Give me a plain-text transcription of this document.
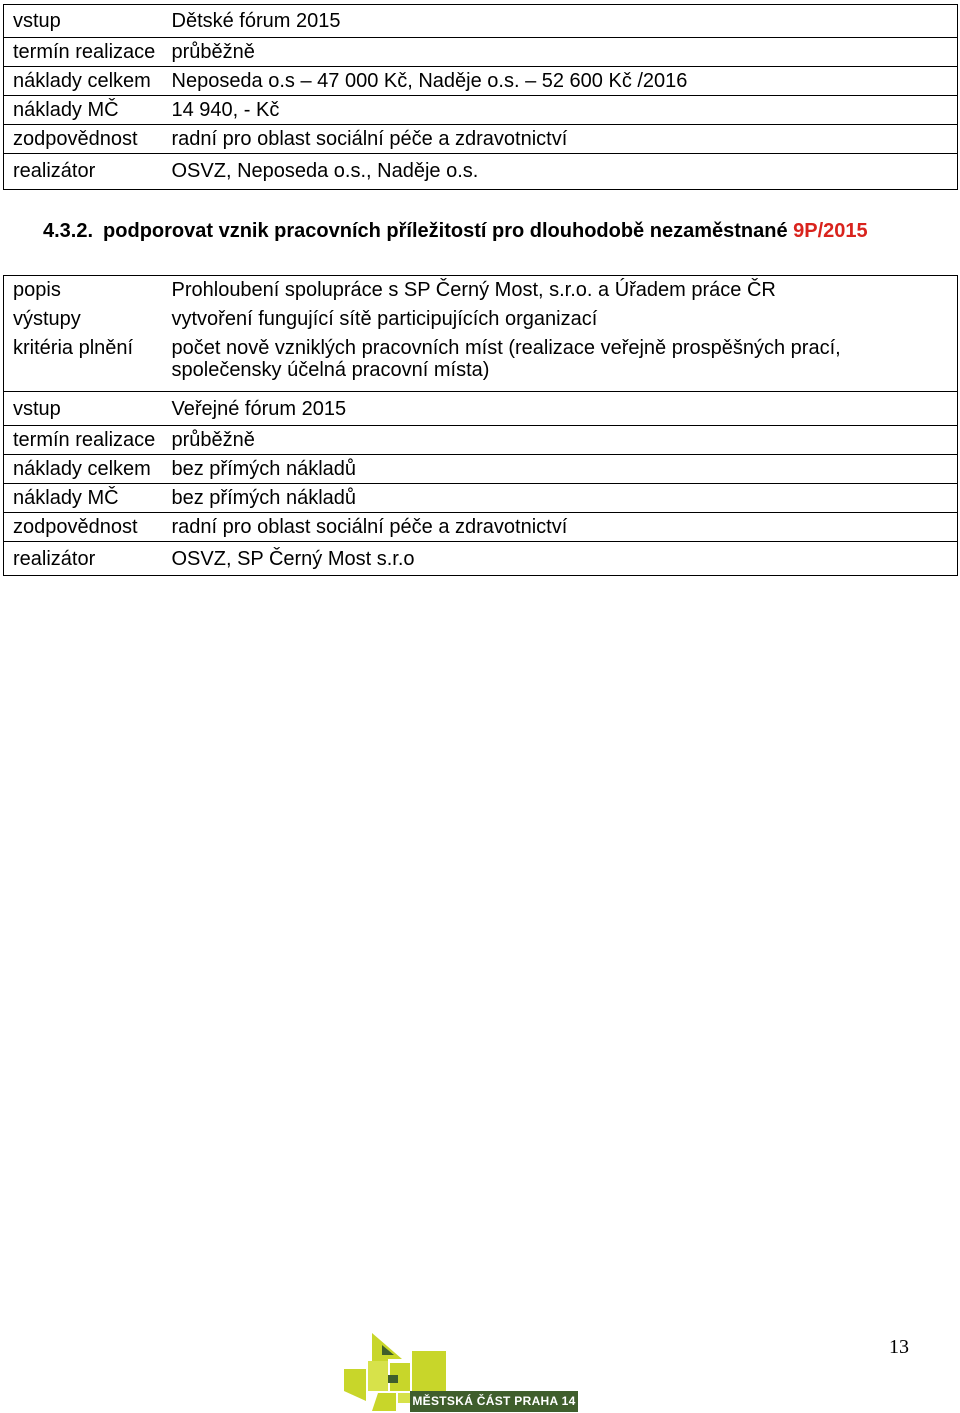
vstup	Dětské fórum 2015
termín realizace	průběžně
náklady celkem	Neposeda o.s – 47 000 Kč, Naděje o.s. – 52 600 Kč /2016
náklady MČ	14 940, - Kč
zodpovědnost	radní pro oblast sociální péče a zdravotnictví
realizátor	OSVZ, Neposeda o.s., Naděje o.s.
4.3.2. podporovat vznik pracovních příležitostí pro dlouhodobě nezaměstnané 9P/2015
popis	Prohloubení spolupráce s SP Černý Most, s.r.o. a Úřadem práce ČR
výstupy	vytvoření fungující sítě participujících organizací
kritéria plnění	počet nově vzniklých pracovních míst (realizace veřejně prospěšných prací, společensky účelná pracovní místa)
vstup	Veřejné fórum 2015
termín realizace	průběžně
náklady celkem	bez přímých nákladů
náklady MČ	bez přímých nákladů
zodpovědnost	radní pro oblast sociální péče a zdravotnictví
realizátor	OSVZ, SP Černý Most s.r.o
MĚSTSKÁ ČÁST PRAHA 14
13
